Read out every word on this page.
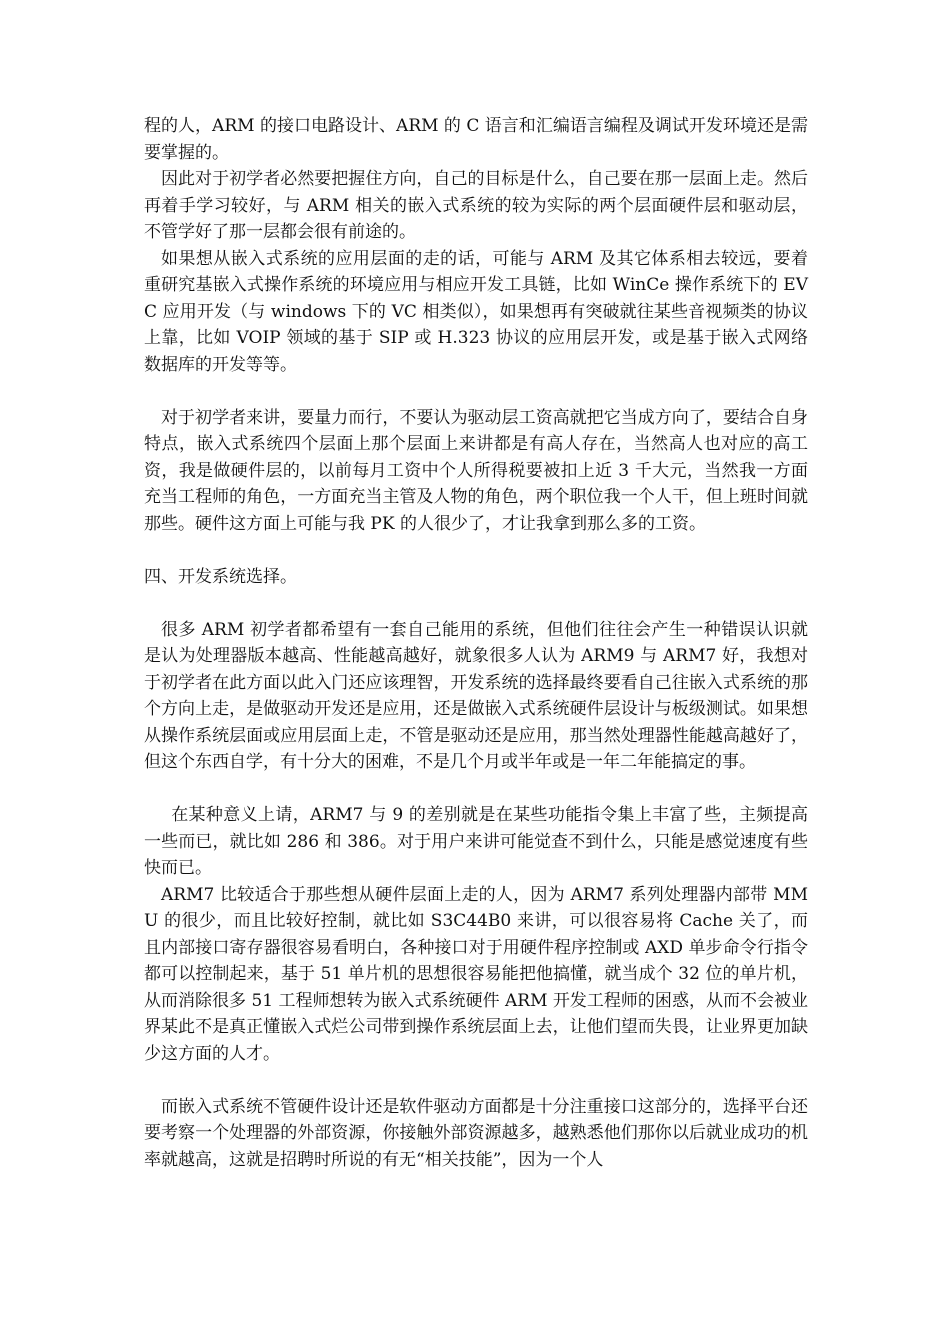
程的人，ARM 的接口电路设计、ARM 的 C 语言和汇编语言编程及调试开发环境还是需要掌握的。

因此对于初学者必然要把握住方向，自己的目标是什么，自己要在那一层面上走。然后再着手学习较好，与 ARM 相关的嵌入式系统的较为实际的两个层面硬件层和驱动层，不管学好了那一层都会很有前途的。

如果想从嵌入式系统的应用层面的走的话，可能与 ARM 及其它体系相去较远，要着重研究基嵌入式操作系统的环境应用与相应开发工具链，比如 WinCe 操作系统下的 EVC 应用开发（与 windows 下的 VC 相类似），如果想再有突破就往某些音视频类的协议上靠，比如 VOIP 领域的基于 SIP 或 H.323 协议的应用层开发，或是基于嵌入式网络数据库的开发等等。

对于初学者来讲，要量力而行，不要认为驱动层工资高就把它当成方向了，要结合自身特点，嵌入式系统四个层面上那个层面上来讲都是有高人存在，当然高人也对应的高工资，我是做硬件层的，以前每月工资中个人所得税要被扣上近 3 千大元，当然我一方面充当工程师的角色，一方面充当主管及人物的角色，两个职位我一个人干，但上班时间就那些。硬件这方面上可能与我 PK 的人很少了，才让我拿到那么多的工资。

四、开发系统选择。

很多 ARM 初学者都希望有一套自己能用的系统，但他们往往会产生一种错误认识就是认为处理器版本越高、性能越高越好，就象很多人认为 ARM9 与 ARM7 好，我想对于初学者在此方面以此入门还应该理智，开发系统的选择最终要看自己往嵌入式系统的那个方向上走，是做驱动开发还是应用，还是做嵌入式系统硬件层设计与板级测试。如果想从操作系统层面或应用层面上走，不管是驱动还是应用，那当然处理器性能越高越好了，但这个东西自学，有十分大的困难，不是几个月或半年或是一年二年能搞定的事。

在某种意义上请，ARM7 与 9 的差别就是在某些功能指令集上丰富了些，主频提高一些而已，就比如 286 和 386。对于用户来讲可能觉查不到什么，只能是感觉速度有些快而已。

ARM7 比较适合于那些想从硬件层面上走的人，因为 ARM7 系列处理器内部带 MMU 的很少，而且比较好控制，就比如 S3C44B0 来讲，可以很容易将 Cache 关了，而且内部接口寄存器很容易看明白，各种接口对于用硬件程序控制或 AXD 单步命令行指令都可以控制起来，基于 51 单片机的思想很容易能把他搞懂，就当成个 32 位的单片机，从而消除很多 51 工程师想转为嵌入式系统硬件 ARM 开发工程师的困惑，从而不会被业界某此不是真正懂嵌入式烂公司带到操作系统层面上去，让他们望而失畏，让业界更加缺少这方面的人才。

而嵌入式系统不管硬件设计还是软件驱动方面都是十分注重接口这部分的，选择平台还要考察一个处理器的外部资源，你接触外部资源越多，越熟悉他们那你以后就业成功的机率就越高，这就是招聘时所说的有无“相关技能”，因为一个人
